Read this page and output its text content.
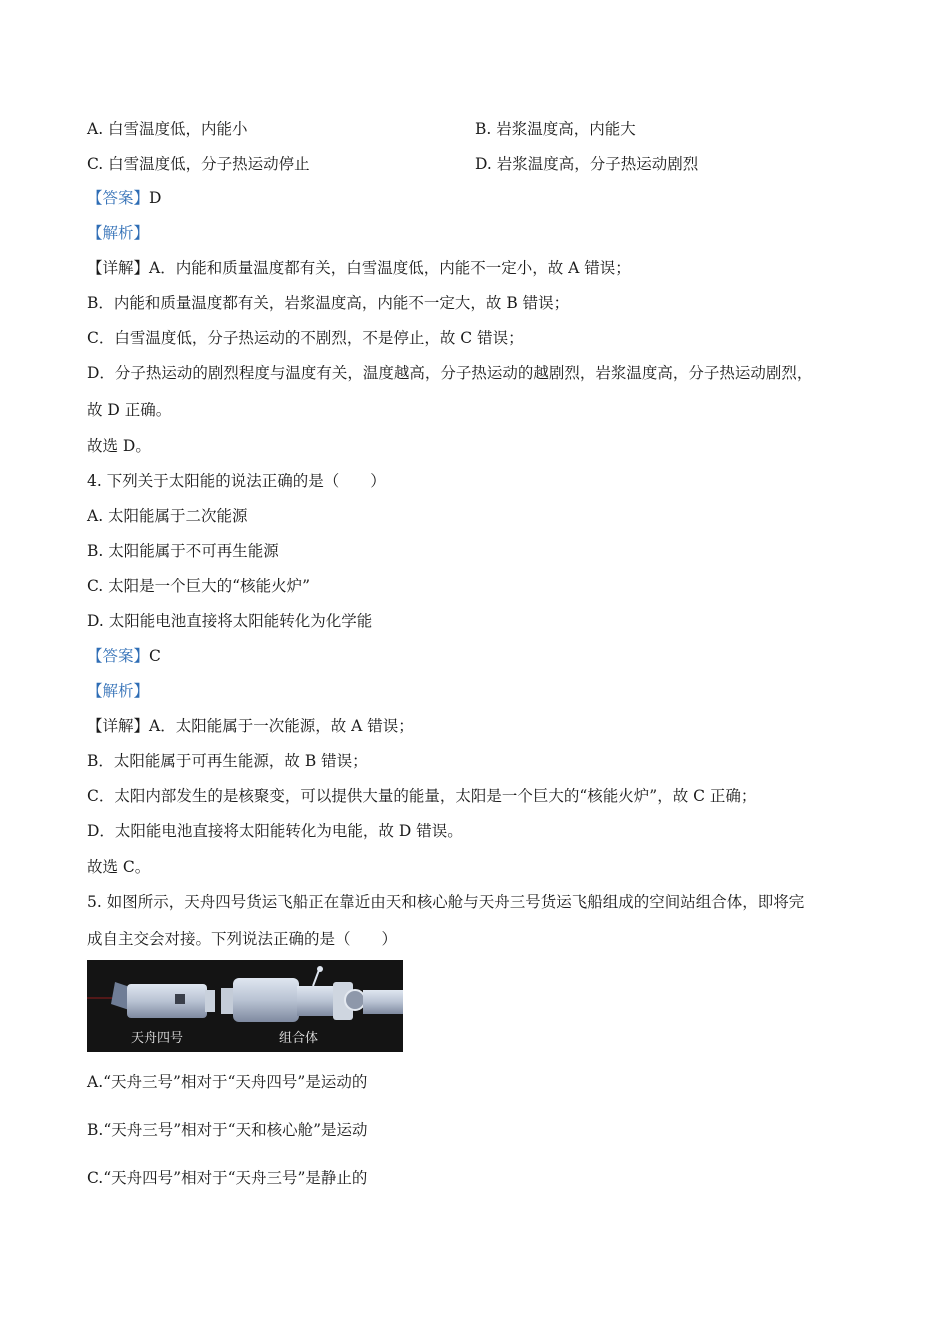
A. 白雪温度低，内能小	B. 岩浆温度高，内能大
C. 白雪温度低，分子热运动停止	D. 岩浆温度高，分子热运动剧烈
【答案】D
【解析】
【详解】A．内能和质量温度都有关，白雪温度低，内能不一定小，故 A 错误；
B．内能和质量温度都有关，岩浆温度高，内能不一定大，故 B 错误；
C．白雪温度低，分子热运动的不剧烈，不是停止，故 C 错误；
D．分子热运动的剧烈程度与温度有关，温度越高，分子热运动的越剧烈，岩浆温度高，分子热运动剧烈，
故 D 正确。
故选 D。
4. 下列关于太阳能的说法正确的是（　　）
A. 太阳能属于二次能源
B. 太阳能属于不可再生能源
C. 太阳是一个巨大的“核能火炉”
D. 太阳能电池直接将太阳能转化为化学能
【答案】C
【解析】
【详解】A．太阳能属于一次能源，故 A 错误；
B．太阳能属于可再生能源，故 B 错误；
C．太阳内部发生的是核聚变，可以提供大量的能量，太阳是一个巨大的“核能火炉”，故 C 正确；
D．太阳能电池直接将太阳能转化为电能，故 D 错误。
故选 C。
5. 如图所示，天舟四号货运飞船正在靠近由天和核心舱与天舟三号货运飞船组成的空间站组合体，即将完
成自主交会对接。下列说法正确的是（　　）
天舟四号	组合体
A.“天舟三号”相对于“天舟四号”是运动的
B.“天舟三号”相对于“天和核心舱”是运动
C.“天舟四号”相对于“天舟三号”是静止的
